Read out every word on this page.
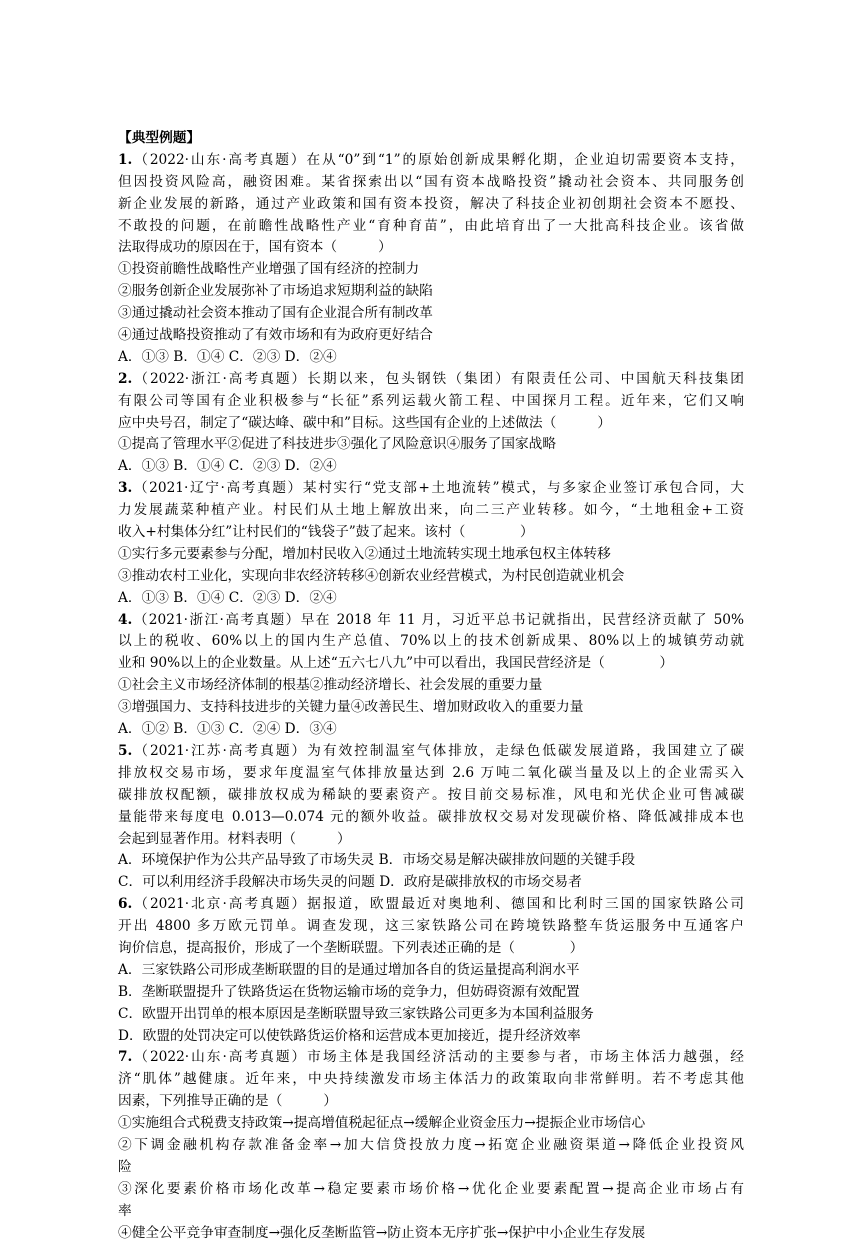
【典型例题】
1.（2022·山东·高考真题）在从“0”到“1”的原始创新成果孵化期，企业迫切需要资本支持，
但因投资风险高，融资困难。某省探索出以“国有资本战略投资”撬动社会资本、共同服务创
新企业发展的新路，通过产业政策和国有资本投资，解决了科技企业初创期社会资本不愿投、
不敢投的问题，在前瞻性战略性产业“育种育苗”，由此培育出了一大批高科技企业。该省做
法取得成功的原因在于，国有资本（　　　）
①投资前瞻性战略性产业增强了国有经济的控制力
②服务创新企业发展弥补了市场追求短期利益的缺陷
③通过撬动社会资本推动了国有企业混合所有制改革
④通过战略投资推动了有效市场和有为政府更好结合
A．①③ B．①④ C．②③ D．②④
2.（2022·浙江·高考真题）长期以来，包头钢铁（集团）有限责任公司、中国航天科技集团
有限公司等国有企业积极参与“长征”系列运载火箭工程、中国探月工程。近年来，它们又响
应中央号召，制定了“碳达峰、碳中和”目标。这些国有企业的上述做法（　　　）
①提高了管理水平②促进了科技进步③强化了风险意识④服务了国家战略
A．①③ B．①④ C．②③ D．②④
3.（2021·辽宁·高考真题）某村实行“党支部+土地流转”模式，与多家企业签订承包合同，大
力发展蔬菜种植产业。村民们从土地上解放出来，向二三产业转移。如今，“土地租金+工资
收入+村集体分红”让村民们的“钱袋子”鼓了起来。该村（　　　　）
①实行多元要素参与分配，增加村民收入②通过土地流转实现土地承包权主体转移
③推动农村工业化，实现向非农经济转移④创新农业经营模式，为村民创造就业机会
A．①③ B．①④ C．②③ D．②④
4.（2021·浙江·高考真题）早在 2018 年 11 月，习近平总书记就指出，民营经济贡献了 50%
以上的税收、60%以上的国内生产总值、70%以上的技术创新成果、80%以上的城镇劳动就
业和 90%以上的企业数量。从上述“五六七八九”中可以看出，我国民营经济是（　　　　）
①社会主义市场经济体制的根基②推动经济增长、社会发展的重要力量
③增强国力、支持科技进步的关键力量④改善民生、增加财政收入的重要力量
A．①② B．①③ C．②④ D．③④
5.（2021·江苏·高考真题）为有效控制温室气体排放，走绿色低碳发展道路，我国建立了碳
排放权交易市场，要求年度温室气体排放量达到 2.6 万吨二氧化碳当量及以上的企业需买入
碳排放权配额，碳排放权成为稀缺的要素资产。按目前交易标准，风电和光伏企业可售减碳
量能带来每度电 0.013—0.074 元的额外收益。碳排放权交易对发现碳价格、降低减排成本也
会起到显著作用。材料表明（　　　）
A．环境保护作为公共产品导致了市场失灵 B．市场交易是解决碳排放问题的关键手段
C．可以利用经济手段解决市场失灵的问题 D．政府是碳排放权的市场交易者
6.（2021·北京·高考真题）据报道，欧盟最近对奥地利、德国和比利时三国的国家铁路公司
开出 4800 多万欧元罚单。调查发现，这三家铁路公司在跨境铁路整车货运服务中互通客户
询价信息，提高报价，形成了一个垄断联盟。下列表述正确的是（　　　　）
A．三家铁路公司形成垄断联盟的目的是通过增加各自的货运量提高利润水平
B．垄断联盟提升了铁路货运在货物运输市场的竞争力，但妨碍资源有效配置
C．欧盟开出罚单的根本原因是垄断联盟导致三家铁路公司更多为本国利益服务
D．欧盟的处罚决定可以使铁路货运价格和运营成本更加接近，提升经济效率
7.（2022·山东·高考真题）市场主体是我国经济活动的主要参与者，市场主体活力越强，经
济“肌体”越健康。近年来，中央持续激发市场主体活力的政策取向非常鲜明。若不考虑其他
因素，下列推导正确的是（　　　）
①实施组合式税费支持政策→提高增值税起征点→缓解企业资金压力→提振企业市场信心
②下调金融机构存款准备金率→加大信贷投放力度→拓宽企业融资渠道→降低企业投资风
险
③深化要素价格市场化改革→稳定要素市场价格→优化企业要素配置→提高企业市场占有
率
④健全公平竞争审查制度→强化反垄断监管→防止资本无序扩张→保护中小企业生存发展
